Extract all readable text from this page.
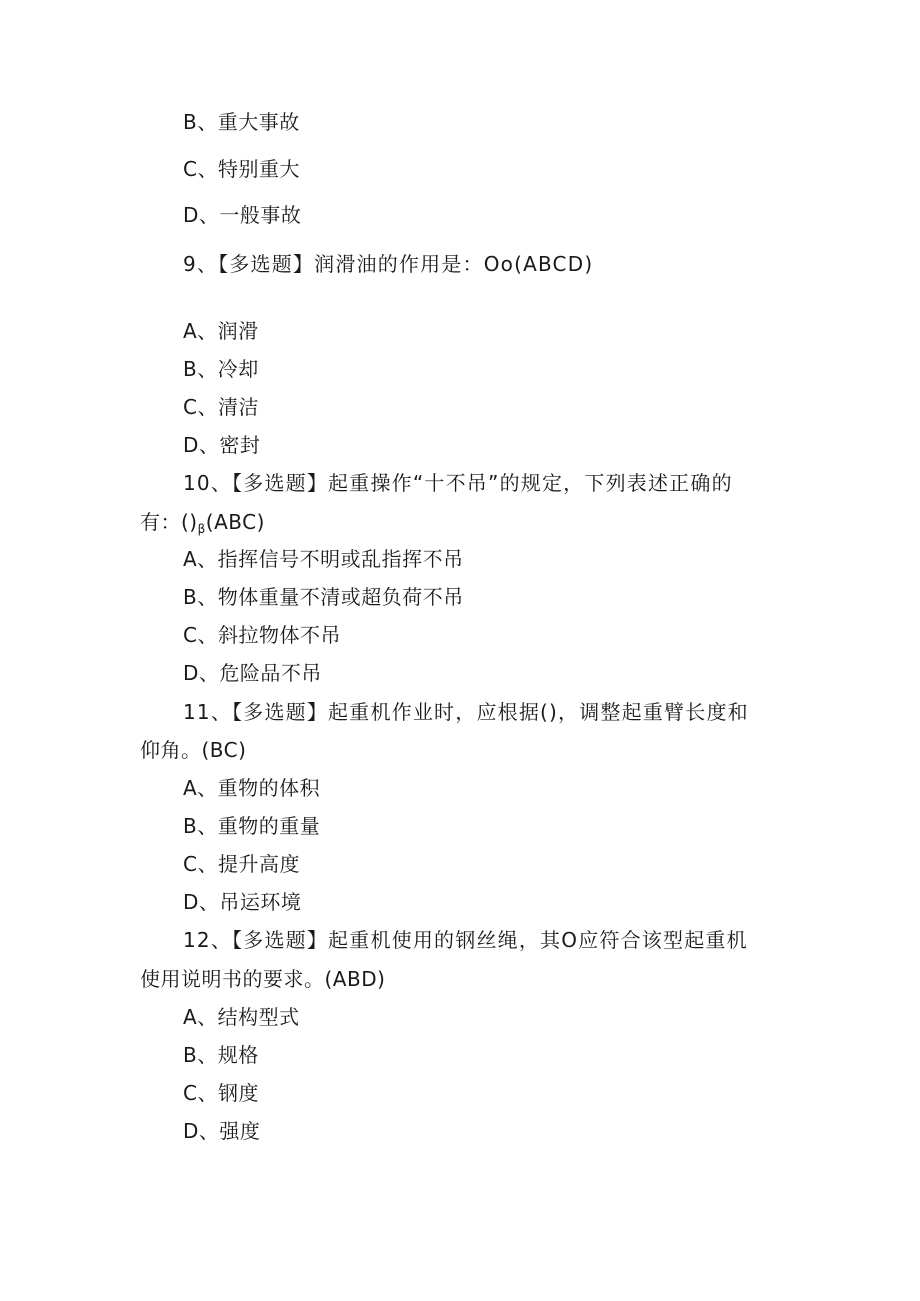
B、重大事故
C、特别重大
D、一般事故
9、【多选题】润滑油的作用是：Oo(ABCD)
A、润滑
B、冷却
C、清洁
D、密封
10、【多选题】起重操作“十不吊”的规定，下列表述正确的
有：$()_\beta(ABC)$
A、指挥信号不明或乱指挥不吊
B、物体重量不清或超负荷不吊
C、斜拉物体不吊
D、危险品不吊
11、【多选题】起重机作业时，应根据()，调整起重臂长度和
仰角。(BC)
A、重物的体积
B、重物的重量
C、提升高度
D、吊运环境
12、【多选题】起重机使用的钢丝绳，其O应符合该型起重机
使用说明书的要求。(ABD)
A、结构型式
B、规格
C、钢度
D、强度
